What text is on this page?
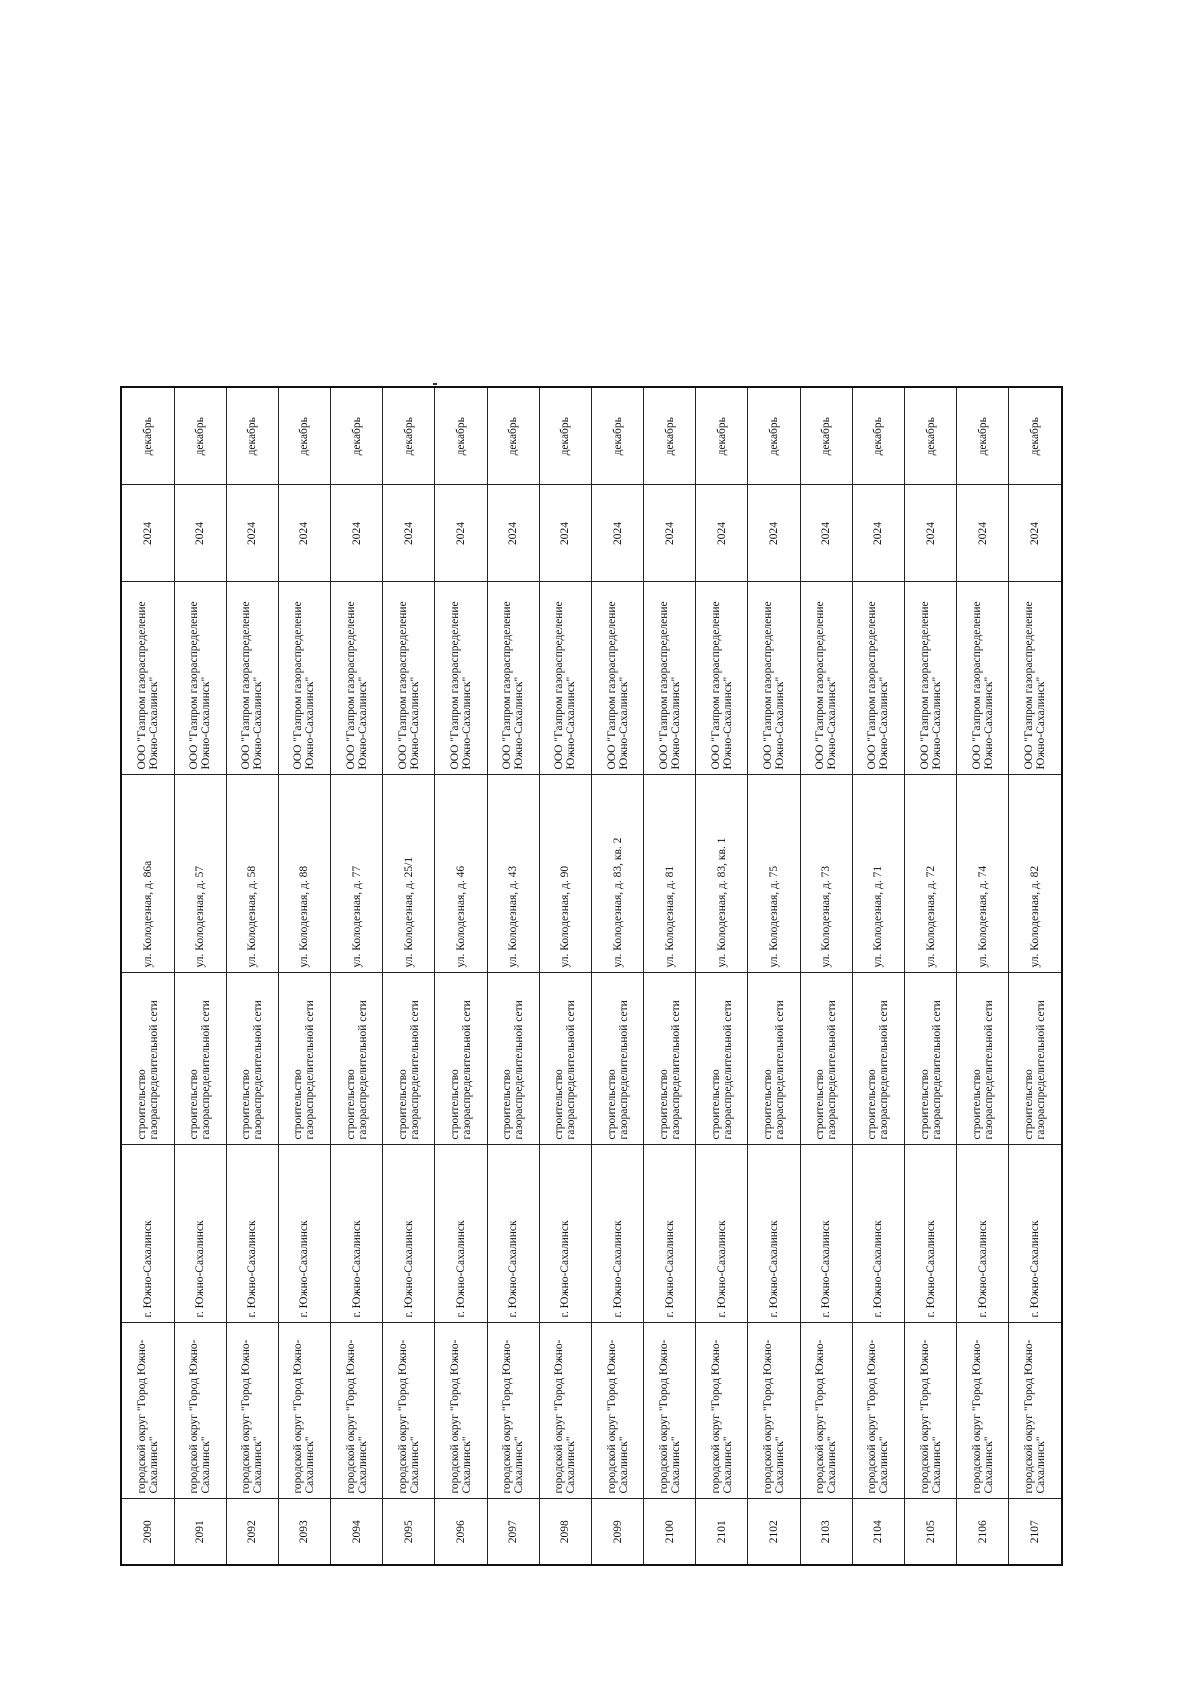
2090	городской округ "Город Южно-Сахалинск"	г. Южно-Сахалинск	строительство газораспределительной сети	ул. Колодезная, д. 86а	ООО "Газпром газораспределение Южно-Сахалинск"	2024	декабрь
2091	городской округ "Город Южно-Сахалинск"	г. Южно-Сахалинск	строительство газораспределительной сети	ул. Колодезная, д. 57	ООО "Газпром газораспределение Южно-Сахалинск"	2024	декабрь
2092	городской округ "Город Южно-Сахалинск"	г. Южно-Сахалинск	строительство газораспределительной сети	ул. Колодезная, д. 58	ООО "Газпром газораспределение Южно-Сахалинск"	2024	декабрь
2093	городской округ "Город Южно-Сахалинск"	г. Южно-Сахалинск	строительство газораспределительной сети	ул. Колодезная, д. 88	ООО "Газпром газораспределение Южно-Сахалинск"	2024	декабрь
2094	городской округ "Город Южно-Сахалинск"	г. Южно-Сахалинск	строительство газораспределительной сети	ул. Колодезная, д. 77	ООО "Газпром газораспределение Южно-Сахалинск"	2024	декабрь
2095	городской округ "Город Южно-Сахалинск"	г. Южно-Сахалинск	строительство газораспределительной сети	ул. Колодезная, д. 25/1	ООО "Газпром газораспределение Южно-Сахалинск"	2024	декабрь
2096	городской округ "Город Южно-Сахалинск"	г. Южно-Сахалинск	строительство газораспределительной сети	ул. Колодезная, д. 46	ООО "Газпром газораспределение Южно-Сахалинск"	2024	декабрь
2097	городской округ "Город Южно-Сахалинск"	г. Южно-Сахалинск	строительство газораспределительной сети	ул. Колодезная, д. 43	ООО "Газпром газораспределение Южно-Сахалинск"	2024	декабрь
2098	городской округ "Город Южно-Сахалинск"	г. Южно-Сахалинск	строительство газораспределительной сети	ул. Колодезная, д. 90	ООО "Газпром газораспределение Южно-Сахалинск"	2024	декабрь
2099	городской округ "Город Южно-Сахалинск"	г. Южно-Сахалинск	строительство газораспределительной сети	ул. Колодезная, д. 83, кв. 2	ООО "Газпром газораспределение Южно-Сахалинск"	2024	декабрь
2100	городской округ "Город Южно-Сахалинск"	г. Южно-Сахалинск	строительство газораспределительной сети	ул. Колодезная, д. 81	ООО "Газпром газораспределение Южно-Сахалинск"	2024	декабрь
2101	городской округ "Город Южно-Сахалинск"	г. Южно-Сахалинск	строительство газораспределительной сети	ул. Колодезная, д. 83, кв. 1	ООО "Газпром газораспределение Южно-Сахалинск"	2024	декабрь
2102	городской округ "Город Южно-Сахалинск"	г. Южно-Сахалинск	строительство газораспределительной сети	ул. Колодезная, д. 75	ООО "Газпром газораспределение Южно-Сахалинск"	2024	декабрь
2103	городской округ "Город Южно-Сахалинск"	г. Южно-Сахалинск	строительство газораспределительной сети	ул. Колодезная, д. 73	ООО "Газпром газораспределение Южно-Сахалинск"	2024	декабрь
2104	городской округ "Город Южно-Сахалинск"	г. Южно-Сахалинск	строительство газораспределительной сети	ул. Колодезная, д. 71	ООО "Газпром газораспределение Южно-Сахалинск"	2024	декабрь
2105	городской округ "Город Южно-Сахалинск"	г. Южно-Сахалинск	строительство газораспределительной сети	ул. Колодезная, д. 72	ООО "Газпром газораспределение Южно-Сахалинск"	2024	декабрь
2106	городской округ "Город Южно-Сахалинск"	г. Южно-Сахалинск	строительство газораспределительной сети	ул. Колодезная, д. 74	ООО "Газпром газораспределение Южно-Сахалинск"	2024	декабрь
2107	городской округ "Город Южно-Сахалинск"	г. Южно-Сахалинск	строительство газораспределительной сети	ул. Колодезная, д. 82	ООО "Газпром газораспределение Южно-Сахалинск"	2024	декабрь
